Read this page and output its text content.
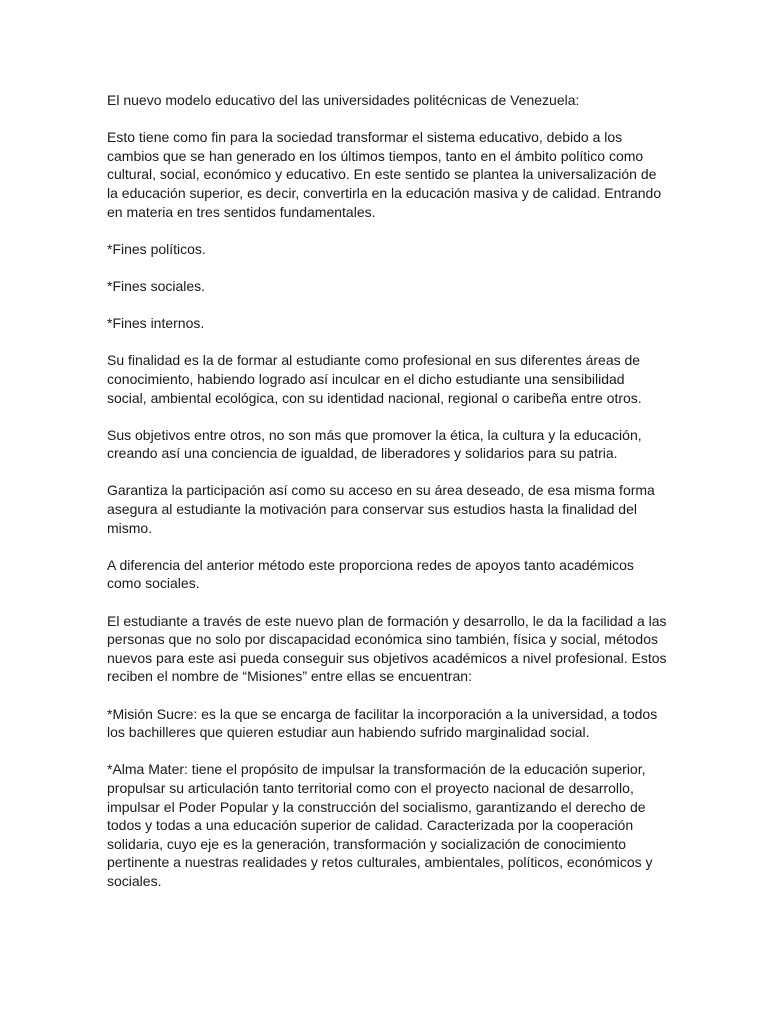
El nuevo modelo educativo del las universidades politécnicas de Venezuela:

Esto tiene como fin para la sociedad transformar el sistema educativo, debido a los cambios que se han generado en los últimos tiempos, tanto en el ámbito político como cultural, social, económico y educativo. En este sentido se plantea la universalización de la educación superior, es decir, convertirla en la educación masiva y de calidad. Entrando en materia en tres sentidos fundamentales.

*Fines políticos.

*Fines sociales.

*Fines internos.

Su finalidad es la de formar al estudiante como profesional en sus diferentes áreas de conocimiento, habiendo logrado así inculcar en el dicho estudiante una sensibilidad social, ambiental ecológica, con su identidad nacional, regional o caribeña entre otros.

Sus objetivos entre otros, no son más que promover la ética, la cultura y la educación, creando así una conciencia de igualdad, de liberadores y solidarios para su patria.

Garantiza la participación así como su acceso en su área deseado, de esa misma forma asegura al estudiante la motivación para conservar sus estudios hasta la finalidad del mismo.

A diferencia del anterior método este proporciona redes de apoyos tanto académicos como sociales.

El estudiante a través de este nuevo plan de formación y desarrollo, le da la facilidad a las personas que no solo por discapacidad económica sino también, física y social, métodos nuevos para este asi pueda conseguir sus objetivos académicos a nivel profesional. Estos reciben el nombre de “Misiones” entre ellas se encuentran:

*Misión Sucre: es la que se encarga de facilitar la incorporación a la universidad, a todos los bachilleres que quieren estudiar aun habiendo sufrido marginalidad social.

*Alma Mater: tiene el propósito de impulsar la transformación de la educación superior, propulsar su articulación tanto territorial como con el proyecto nacional de desarrollo, impulsar el Poder Popular y la construcción del socialismo, garantizando el derecho de todos y todas a una educación superior de calidad. Caracterizada por la cooperación solidaria, cuyo eje es la generación, transformación y socialización de conocimiento pertinente a nuestras realidades y retos culturales, ambientales, políticos, económicos y sociales.
